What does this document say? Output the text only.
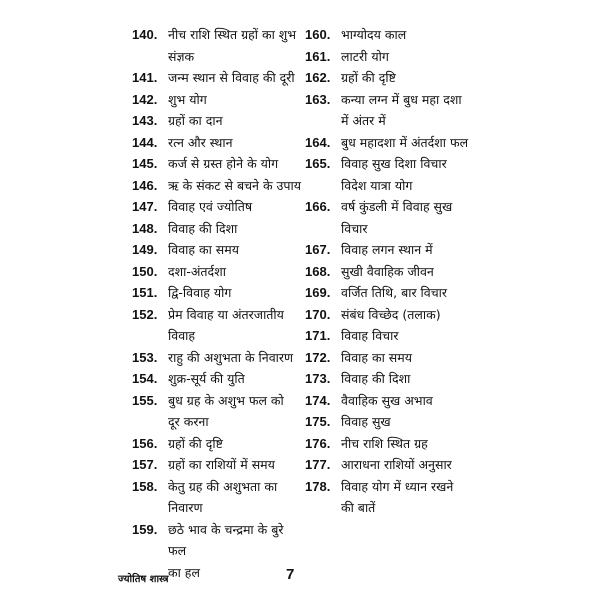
140. नीच राशि स्थित ग्रहों का शुभ
संज्ञक
141. जन्म स्थान से विवाह की दूरी
142. शुभ योग
143. ग्रहों का दान
144. रत्न और स्थान
145. कर्ज से ग्रस्त होने के योग
146. ऋ के संकट से बचने के उपाय
147. विवाह एवं ज्योतिष
148. विवाह की दिशा
149. विवाह का समय
150. दशा-अंतर्दशा
151. द्वि-विवाह योग
152. प्रेम विवाह या अंतरजातीय
विवाह
153. राहु की अशुभता के निवारण
154. शुक्र-सूर्य की युति
155. बुध ग्रह के अशुभ फल को
दूर करना
156. ग्रहों की दृष्टि
157. ग्रहों का राशियों में समय
158. केतु ग्रह की अशुभता का
निवारण
159. छठे भाव के चन्द्रमा के बुरे फल
का हल
160. भाग्योदय काल
161. लाटरी योग
162. ग्रहों की दृष्टि
163. कन्या लग्न में बुध महा दशा
में अंतर में
164. बुध महादशा में अंतर्दशा फल
165. विवाह सुख दिशा विचार
विदेश यात्रा योग
166. वर्ष कुंडली में विवाह सुख
विचार
167. विवाह लगन स्थान में
168. सुखी वैवाहिक जीवन
169. वर्जित तिथि, बार विचार
170. संबंध विच्छेद (तलाक)
171. विवाह विचार
172. विवाह का समय
173. विवाह की दिशा
174. वैवाहिक सुख अभाव
175. विवाह सुख
176. नीच राशि स्थित ग्रह
177. आराधना राशियों अनुसार
178. विवाह योग में ध्यान रखने
की बातें
ज्योतिष शास्त्र	7
